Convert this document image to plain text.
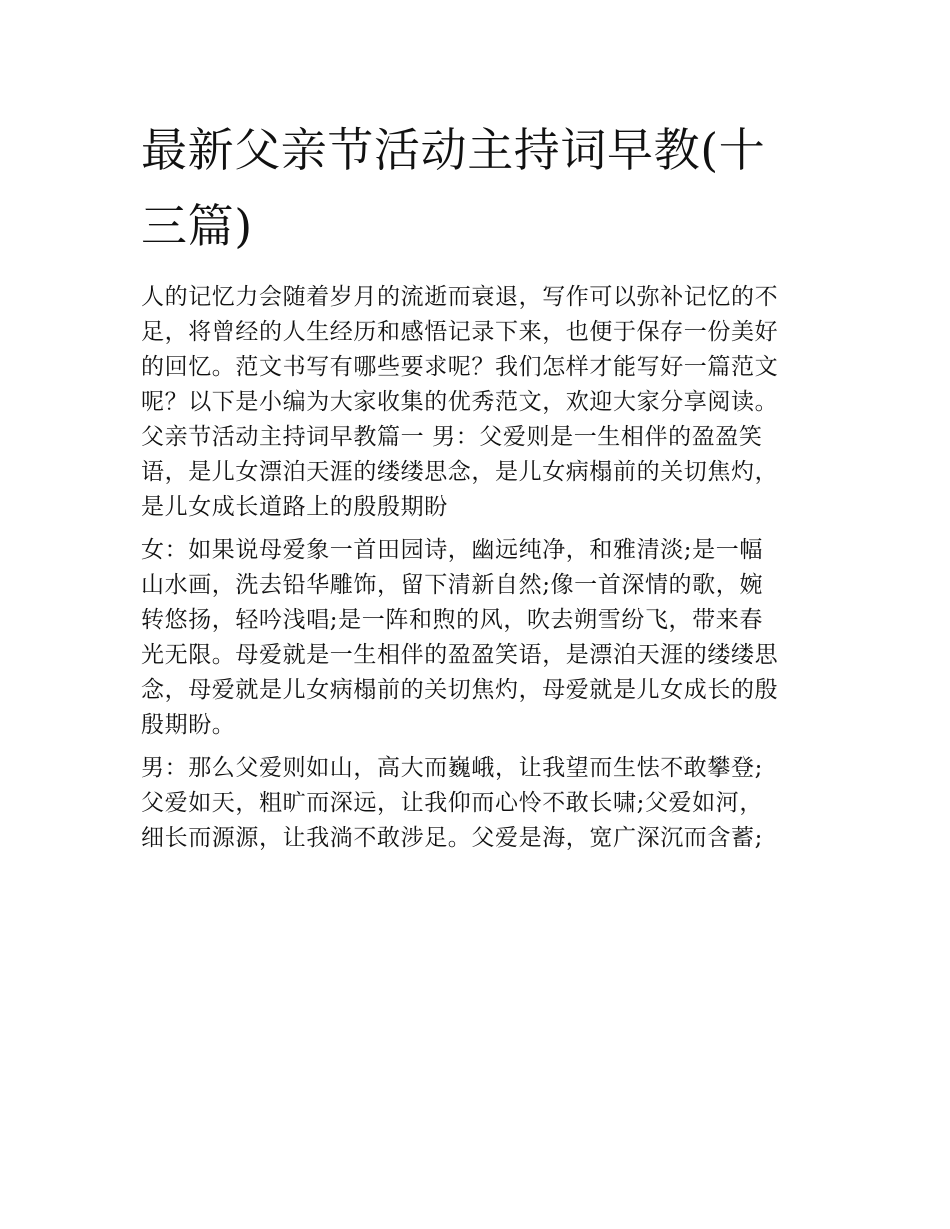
最新父亲节活动主持词早教(十
三篇)
人的记忆力会随着岁月的流逝而衰退，写作可以弥补记忆的不
足，将曾经的人生经历和感悟记录下来，也便于保存一份美好
的回忆。范文书写有哪些要求呢？我们怎样才能写好一篇范文
呢？以下是小编为大家收集的优秀范文，欢迎大家分享阅读。
父亲节活动主持词早教篇一 男：父爱则是一生相伴的盈盈笑
语，是儿女漂泊天涯的缕缕思念，是儿女病榻前的关切焦灼，
是儿女成长道路上的殷殷期盼
女：如果说母爱象一首田园诗，幽远纯净，和雅清淡;是一幅
山水画，洗去铅华雕饰，留下清新自然;像一首深情的歌，婉
转悠扬，轻吟浅唱;是一阵和煦的风，吹去朔雪纷飞，带来春
光无限。母爱就是一生相伴的盈盈笑语，是漂泊天涯的缕缕思
念，母爱就是儿女病榻前的关切焦灼，母爱就是儿女成长的殷
殷期盼。
男：那么父爱则如山，高大而巍峨，让我望而生怯不敢攀登;
父爱如天，粗旷而深远，让我仰而心怜不敢长啸;父爱如河，
细长而源源，让我淌不敢涉足。父爱是海，宽广深沉而含蓄;
